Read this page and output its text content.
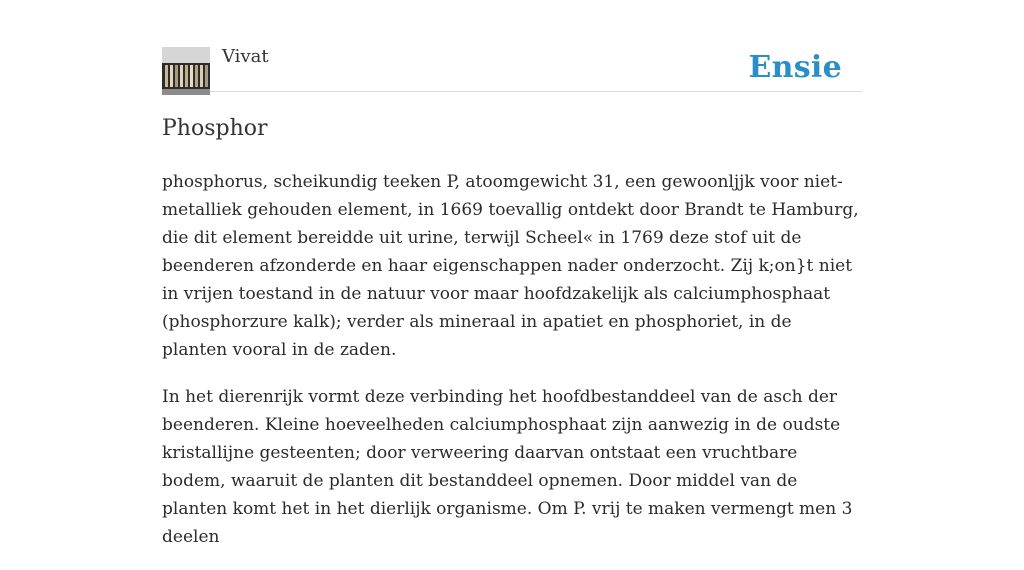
Vivat	Ensie
Phosphor

phosphorus, scheikundig teeken P, atoomgewicht 31, een gewoonljjk voor niet-metalliek gehouden element, in 1669 toevallig ontdekt door Brandt te Hamburg, die dit element bereidde uit urine, terwijl Scheel« in 1769 deze stof uit de beenderen afzonderde en haar eigenschappen nader onderzocht. Zij k;on}t niet in vrijen toestand in de natuur voor maar hoofdzakelijk als calciumphosphaat (phosphorzure kalk); verder als mineraal in apatiet en phosphoriet, in de planten vooral in de zaden.

In het dierenrijk vormt deze verbinding het hoofdbestanddeel van de asch der beenderen. Kleine hoeveelheden calciumphosphaat zijn aanwezig in de oudste kristallijne gesteenten; door verweering daarvan ontstaat een vruchtbare bodem, waaruit de planten dit bestanddeel opnemen. Door middel van de planten komt het in het dierlijk organisme. Om P. vrij te maken vermengt men 3 deelen
